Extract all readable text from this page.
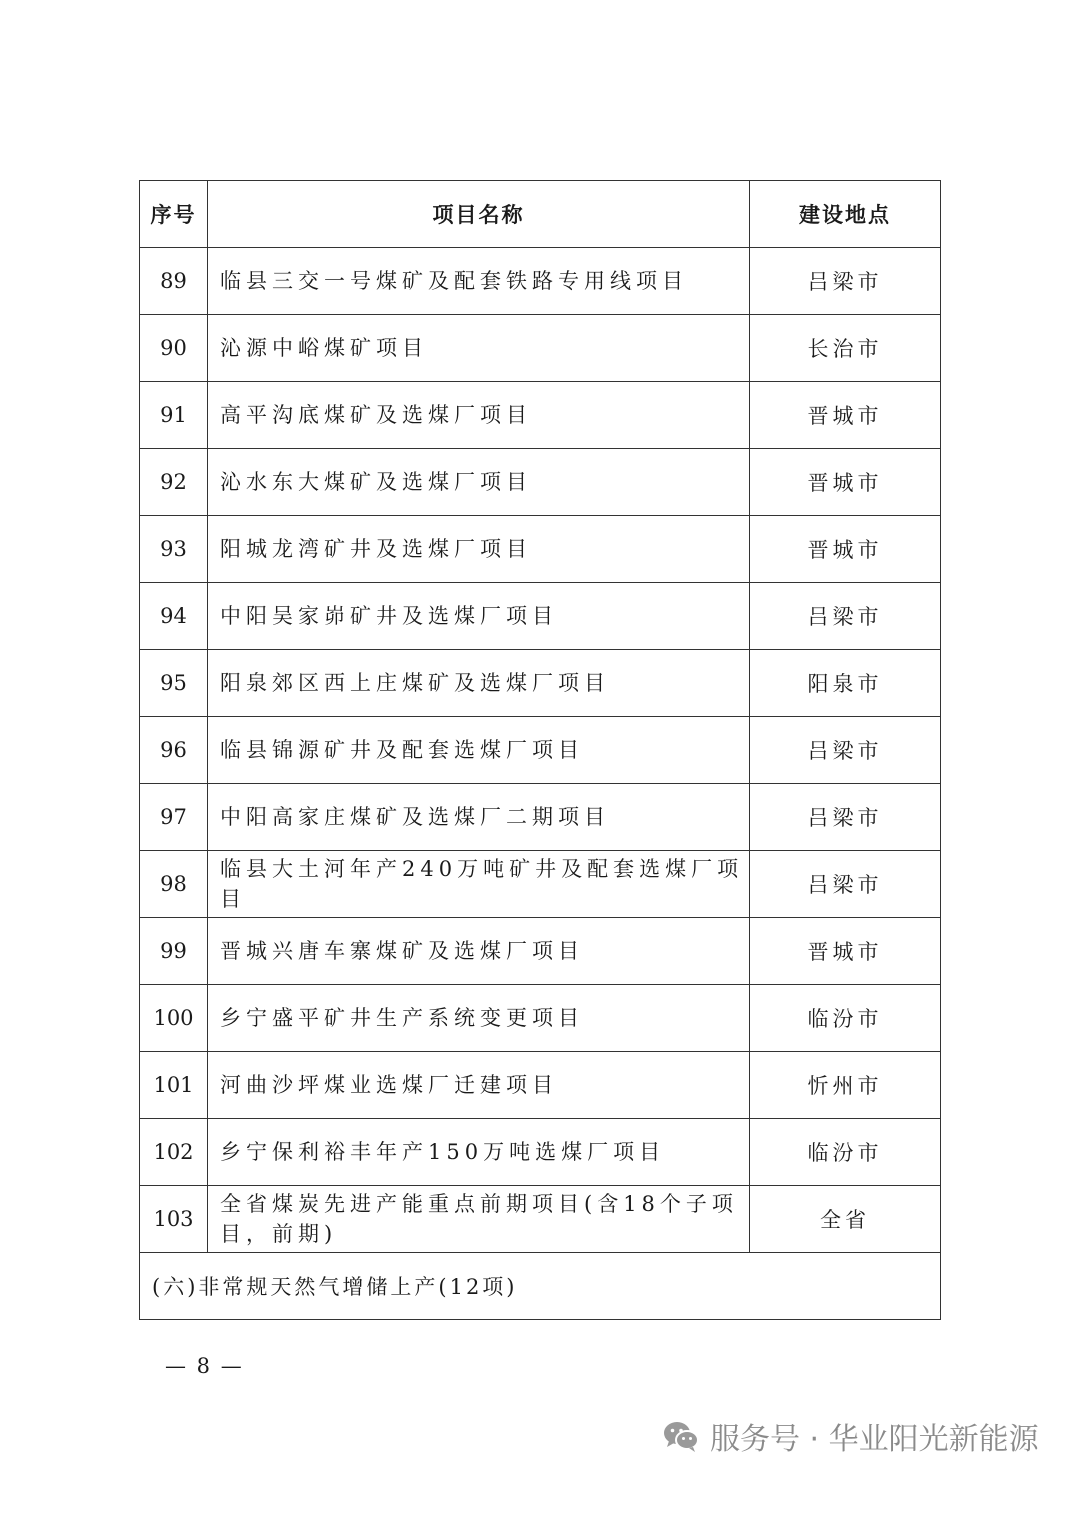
序号	项目名称	建设地点
89	临县三交一号煤矿及配套铁路专用线项目	吕梁市
90	沁源中峪煤矿项目	长治市
91	高平沟底煤矿及选煤厂项目	晋城市
92	沁水东大煤矿及选煤厂项目	晋城市
93	阳城龙湾矿井及选煤厂项目	晋城市
94	中阳吴家峁矿井及选煤厂项目	吕梁市
95	阳泉郊区西上庄煤矿及选煤厂项目	阳泉市
96	临县锦源矿井及配套选煤厂项目	吕梁市
97	中阳高家庄煤矿及选煤厂二期项目	吕梁市
98	临县大土河年产240万吨矿井及配套选煤厂项目	吕梁市
99	晋城兴唐车寨煤矿及选煤厂项目	晋城市
100	乡宁盛平矿井生产系统变更项目	临汾市
101	河曲沙坪煤业选煤厂迁建项目	忻州市
102	乡宁保利裕丰年产150万吨选煤厂项目	临汾市
103	全省煤炭先进产能重点前期项目(含18个子项目，前期)	全省
(六)非常规天然气增储上产(12项)		
— 8 —
服务号 · 华业阳光新能源
